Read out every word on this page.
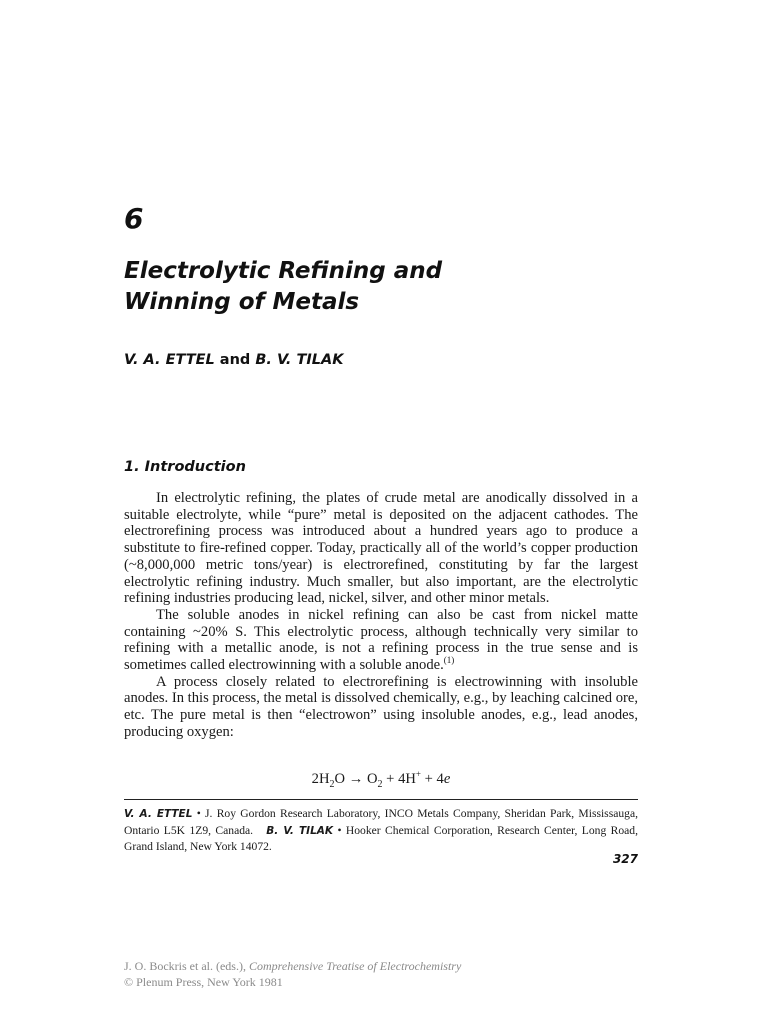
6
Electrolytic Refining and
Winning of Metals
V. A. ETTEL and B. V. TILAK
1. Introduction

In electrolytic refining, the plates of crude metal are anodically dissolved in a suitable electrolyte, while “pure” metal is deposited on the adjacent cathodes. The electrorefining process was introduced about a hundred years ago to produce a substitute to fire-refined copper. Today, practically all of the world’s copper production (~8,000,000 metric tons/year) is electrorefined, constituting by far the largest electrolytic refining industry. Much smaller, but also important, are the electrolytic refining industries producing lead, nickel, silver, and other minor metals.

The soluble anodes in nickel refining can also be cast from nickel matte containing ~20% S. This electrolytic process, although technically very similar to refining with a metallic anode, is not a refining process in the true sense and is sometimes called electrowinning with a soluble anode.$^{(1)}$

A process closely related to electrorefining is electrowinning with insoluble anodes. In this process, the metal is dissolved chemically, e.g., by leaching calcined ore, etc. The pure metal is then “electrowon” using insoluble anodes, e.g., lead anodes, producing oxygen:

$2H_2O \to O_2 + 4H^+ + 4e$
V. A. ETTEL • J. Roy Gordon Research Laboratory, INCO Metals Company, Sheridan Park, Mississauga, Ontario L5K 1Z9, Canada. B. V. TILAK • Hooker Chemical Corporation, Research Center, Long Road, Grand Island, New York 14072.
327
J. O. Bockris et al. (eds.), Comprehensive Treatise of Electrochemistry
© Plenum Press, New York 1981
